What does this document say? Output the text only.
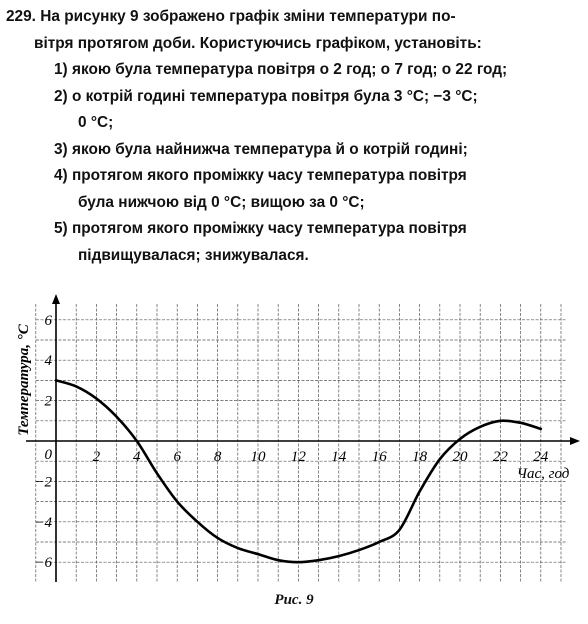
229. На рисунку 9 зображено графік зміни температури по-
вітря протягом доби. Користуючись графіком, установіть:
1) якою була температура повітря о 2 год; о 7 год; о 22 год;
2) о котрій годині температура повітря була 3 °С; −3 °С;
0 °С;
3) якою була найнижча температура й о котрій годині;
4) протягом якого проміжку часу температура повітря
була нижчою від 0 °С; вищою за 0 °С;
5) протягом якого проміжку часу температура повітря
підвищувалася; знижувалася.
2 4 6 8 10 12 14 16 18 20 22 24
6
4
2
−2
−4
−6
0
Час, год
Температура, °С
Рис. 9
